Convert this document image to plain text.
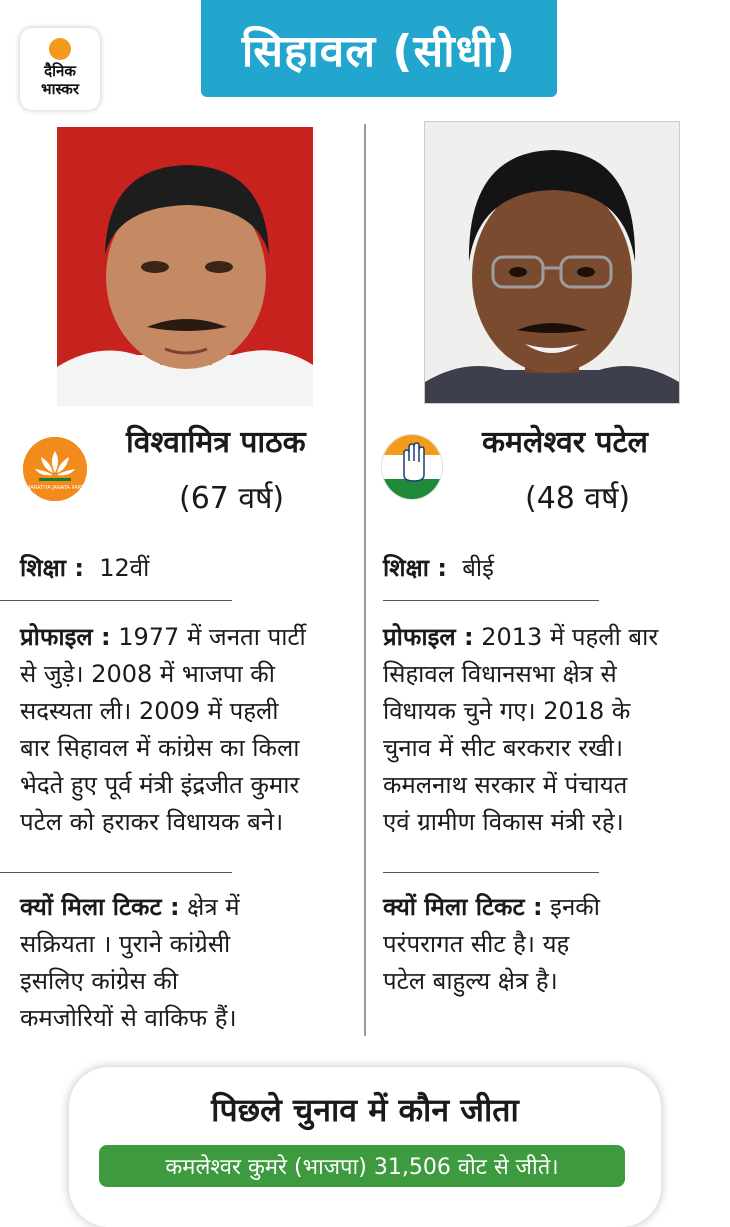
दैनिक
भास्कर
सिहावल (सीधी)
BHARATIYA JANATA PARTY
विश्वामित्र पाठक
(67 वर्ष)
कमलेश्वर पटेल
(48 वर्ष)
शिक्षा : 12वीं	शिक्षा : बीई
प्रोफाइल : 1977 में जनता पार्टी
से जुड़े। 2008 में भाजपा की
सदस्यता ली। 2009 में पहली
बार सिहावल में कांग्रेस का किला
भेदते हुए पूर्व मंत्री इंद्रजीत कुमार
पटेल को हराकर विधायक बने।
प्रोफाइल : 2013 में पहली बार
सिहावल विधानसभा क्षेत्र से
विधायक चुने गए। 2018 के
चुनाव में सीट बरकरार रखी।
कमलनाथ सरकार में पंचायत
एवं ग्रामीण विकास मंत्री रहे।
क्यों मिला टिकट : क्षेत्र में
सक्रियता । पुराने कांग्रेसी
इसलिए कांग्रेस की
कमजोरियों से वाकिफ हैं।
क्यों मिला टिकट : इनकी
परंपरागत सीट है। यह
पटेल बाहुल्य क्षेत्र है।
पिछले चुनाव में कौन जीता
कमलेश्वर कुमरे (भाजपा) 31,506 वोट से जीते।
